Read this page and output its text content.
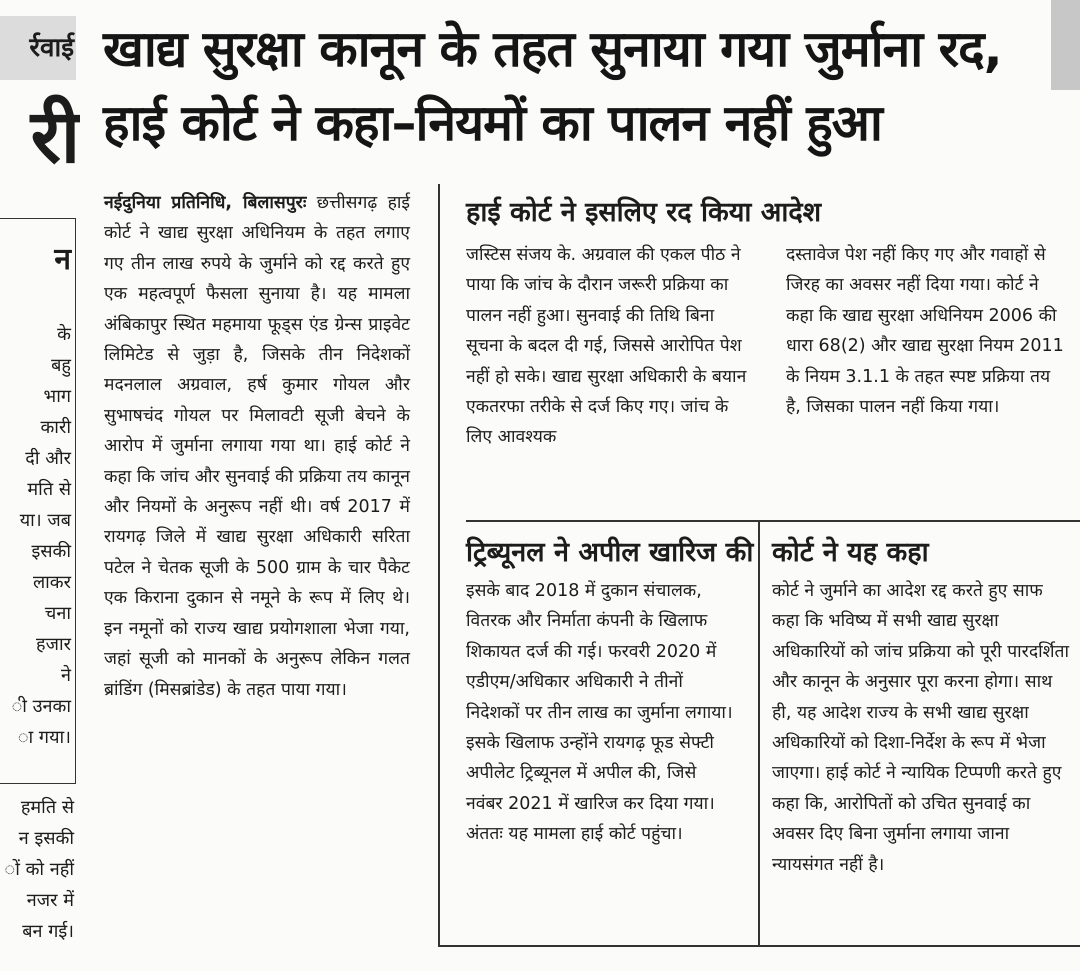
र्रवाई
री
खाद्य सुरक्षा कानून के तहत सुनाया गया जुर्माना रद, हाई कोर्ट ने कहा–नियमों का पालन नहीं हुआ
न
के
बहु
भाग
कारी
दी और
मति से
या। जब
इसकी
लाकर
चना
हजार
ने
ी उनका
ा गया।
हमति से
न इसकी
ों को नहीं
नजर में
बन गई।
नईदुनिया प्रतिनिधि, बिलासपुरः छत्तीसगढ़ हाई कोर्ट ने खाद्य सुरक्षा अधिनियम के तहत लगाए गए तीन लाख रुपये के जुर्माने को रद्द करते हुए एक महत्वपूर्ण फैसला सुनाया है। यह मामला अंबिकापुर स्थित महमाया फूड्स एंड ग्रेन्स प्राइवेट लिमिटेड से जुड़ा है, जिसके तीन निदेशकों मदनलाल अग्रवाल, हर्ष कुमार गोयल और सुभाषचंद गोयल पर मिलावटी सूजी बेचने के आरोप में जुर्माना लगाया गया था। हाई कोर्ट ने कहा कि जांच और सुनवाई की प्रक्रिया तय कानून और नियमों के अनुरूप नहीं थी। वर्ष 2017 में रायगढ़ जिले में खाद्य सुरक्षा अधिकारी सरिता पटेल ने चेतक सूजी के 500 ग्राम के चार पैकेट एक किराना दुकान से नमूने के रूप में लिए थे। इन नमूनों को राज्य खाद्य प्रयोगशाला भेजा गया, जहां सूजी को मानकों के अनुरूप लेकिन गलत ब्रांडिंग (मिसब्रांडेड) के तहत पाया गया।
हाई कोर्ट ने इसलिए रद किया आदेश

जस्टिस संजय के. अग्रवाल की एकल पीठ ने पाया कि जांच के दौरान जरूरी प्रक्रिया का पालन नहीं हुआ। सुनवाई की तिथि बिना सूचना के बदल दी गई, जिससे आरोपित पेश नहीं हो सके। खाद्य सुरक्षा अधिकारी के बयान एकतरफा तरीके से दर्ज किए गए। जांच के लिए आवश्यक

दस्तावेज पेश नहीं किए गए और गवाहों से जिरह का अवसर नहीं दिया गया। कोर्ट ने कहा कि खाद्य सुरक्षा अधिनियम 2006 की धारा 68(2) और खाद्य सुरक्षा नियम 2011 के नियम 3.1.1 के तहत स्पष्ट प्रक्रिया तय है, जिसका पालन नहीं किया गया।

ट्रिब्यूनल ने अपील खारिज की

इसके बाद 2018 में दुकान संचालक, वितरक और निर्माता कंपनी के खिलाफ शिकायत दर्ज की गई। फरवरी 2020 में एडीएम/अधिकार अधिकारी ने तीनों निदेशकों पर तीन लाख का जुर्माना लगाया। इसके खिलाफ उन्होंने रायगढ़ फूड सेफ्टी अपीलेट ट्रिब्यूनल में अपील की, जिसे नवंबर 2021 में खारिज कर दिया गया। अंततः यह मामला हाई कोर्ट पहुंचा।

कोर्ट ने यह कहा

कोर्ट ने जुर्माने का आदेश रद्द करते हुए साफ कहा कि भविष्य में सभी खाद्य सुरक्षा अधिकारियों को जांच प्रक्रिया को पूरी पारदर्शिता और कानून के अनुसार पूरा करना होगा। साथ ही, यह आदेश राज्य के सभी खाद्य सुरक्षा अधिकारियों को दिशा-निर्देश के रूप में भेजा जाएगा। हाई कोर्ट ने न्यायिक टिप्पणी करते हुए कहा कि, आरोपितों को उचित सुनवाई का अवसर दिए बिना जुर्माना लगाया जाना न्यायसंगत नहीं है।
